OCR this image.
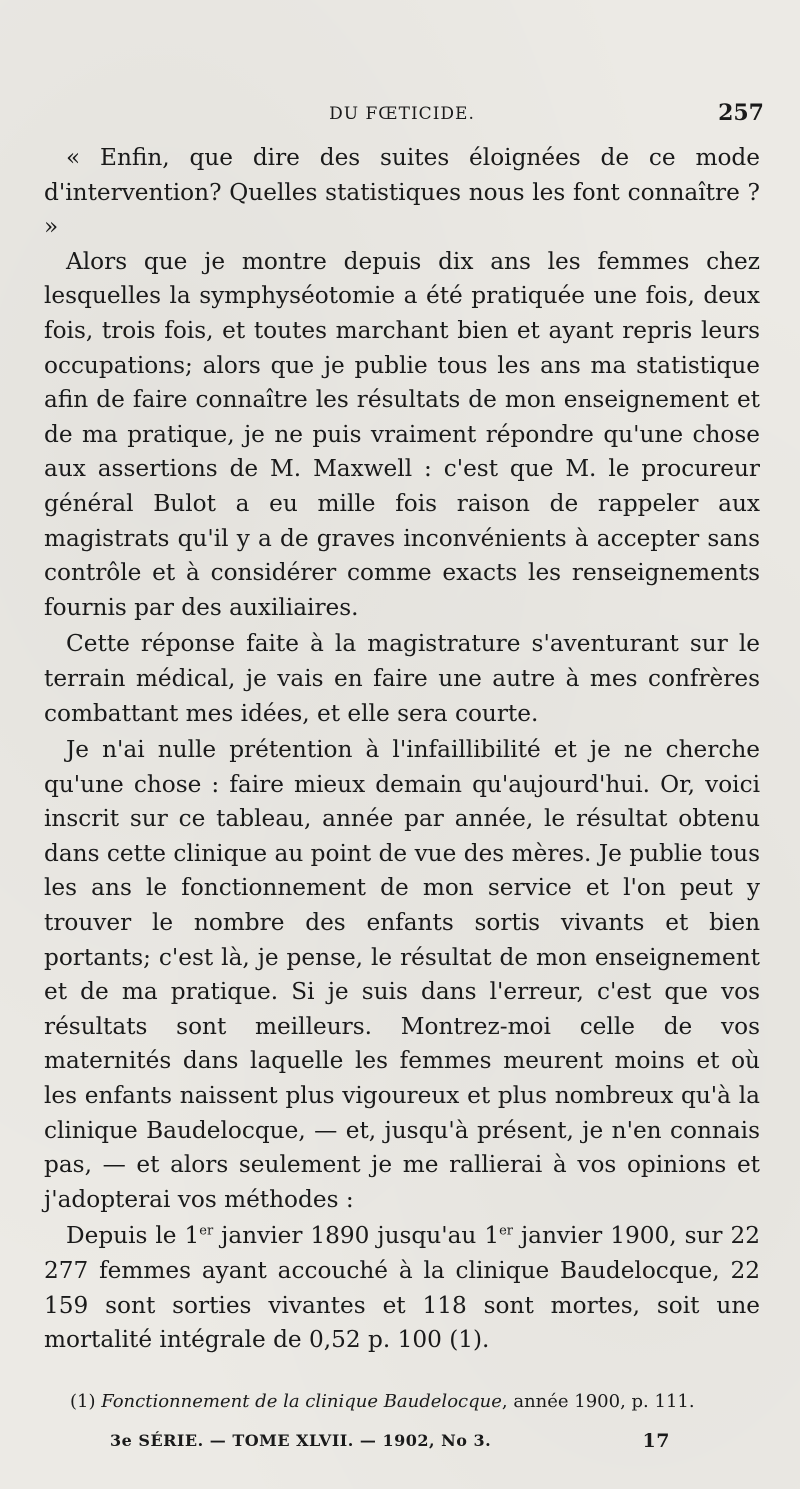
DU FŒTICIDE.	257

« Enfin, que dire des suites éloignées de ce mode d'intervention? Quelles statistiques nous les font connaître ? »

Alors que je montre depuis dix ans les femmes chez lesquelles la symphyséotomie a été pratiquée une fois, deux fois, trois fois, et toutes marchant bien et ayant repris leurs occupations; alors que je publie tous les ans ma statistique afin de faire connaître les résultats de mon enseignement et de ma pratique, je ne puis vraiment répondre qu'une chose aux assertions de M. Maxwell : c'est que M. le procureur général Bulot a eu mille fois raison de rappeler aux magistrats qu'il y a de graves inconvénients à accepter sans contrôle et à considérer comme exacts les renseignements fournis par des auxiliaires.

Cette réponse faite à la magistrature s'aventurant sur le terrain médical, je vais en faire une autre à mes confrères combattant mes idées, et elle sera courte.

Je n'ai nulle prétention à l'infaillibilité et je ne cherche qu'une chose : faire mieux demain qu'aujourd'hui. Or, voici inscrit sur ce tableau, année par année, le résultat obtenu dans cette clinique au point de vue des mères. Je publie tous les ans le fonctionnement de mon service et l'on peut y trouver le nombre des enfants sortis vivants et bien portants; c'est là, je pense, le résultat de mon enseignement et de ma pratique. Si je suis dans l'erreur, c'est que vos résultats sont meilleurs. Montrez-moi celle de vos maternités dans laquelle les femmes meurent moins et où les enfants naissent plus vigoureux et plus nombreux qu'à la clinique Baudelocque, — et, jusqu'à présent, je n'en connais pas, — et alors seulement je me rallierai à vos opinions et j'adopterai vos méthodes :

Depuis le 1er janvier 1890 jusqu'au 1er janvier 1900, sur 22 277 femmes ayant accouché à la clinique Baudelocque, 22 159 sont sorties vivantes et 118 sont mortes, soit une mortalité intégrale de 0,52 p. 100 (1).

(1) Fonctionnement de la clinique Baudelocque, année 1900, p. 111.
3e SÉRIE. — TOME XLVII. — 1902, No 3.	17
